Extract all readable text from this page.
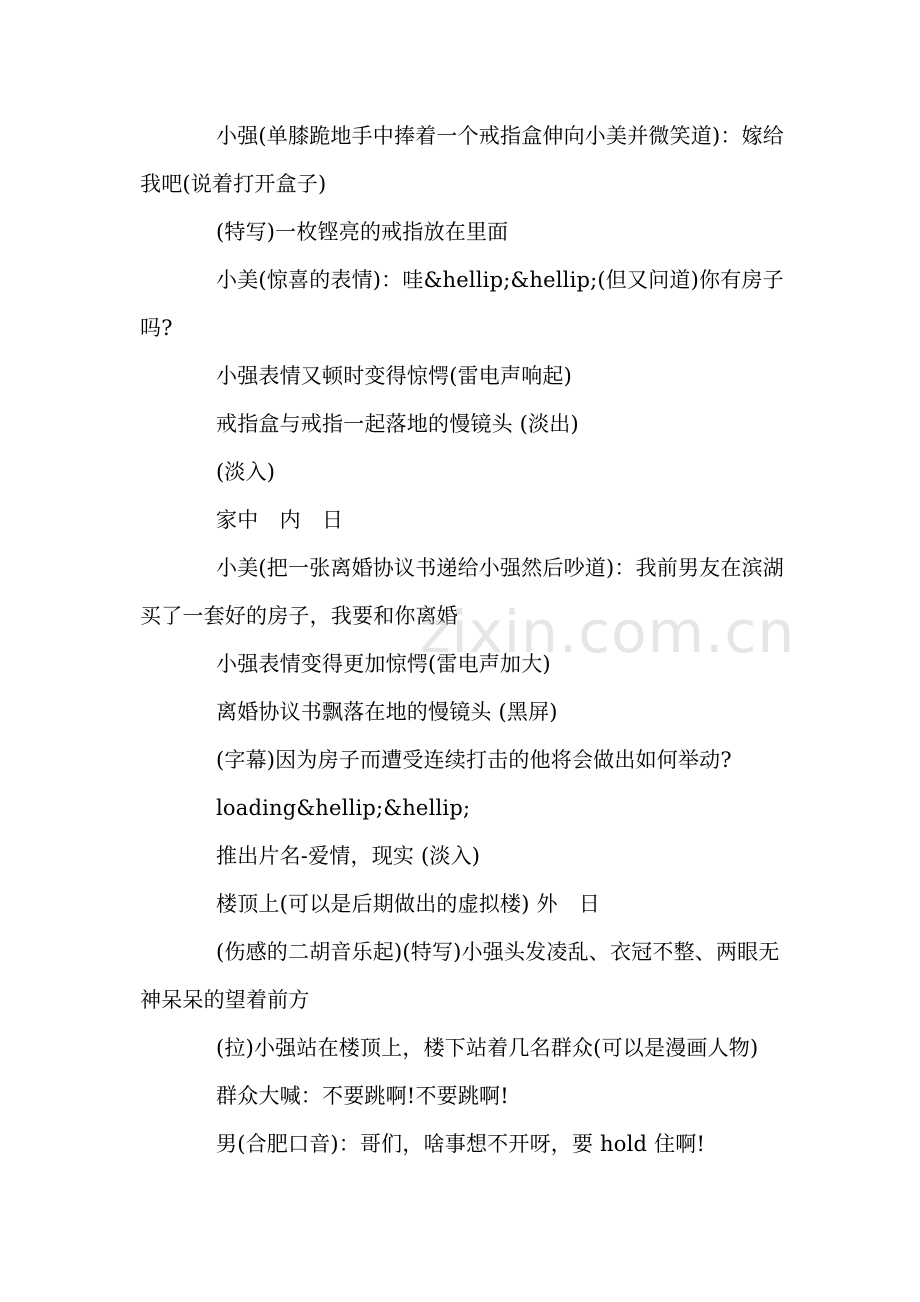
小强(单膝跪地手中捧着一个戒指盒伸向小美并微笑道)：嫁给我吧(说着打开盒子)

(特写)一枚铿亮的戒指放在里面

小美(惊喜的表情)：哇&hellip;&hellip;(但又问道)你有房子吗?

小强表情又顿时变得惊愕(雷电声响起)

戒指盒与戒指一起落地的慢镜头 (淡出)

(淡入)

家中　内　日

小美(把一张离婚协议书递给小强然后吵道)：我前男友在滨湖买了一套好的房子，我要和你离婚

小强表情变得更加惊愕(雷电声加大)

离婚协议书飘落在地的慢镜头 (黑屏)

(字幕)因为房子而遭受连续打击的他将会做出如何举动?

loading&hellip;&hellip;

推出片名-爱情，现实 (淡入)

楼顶上(可以是后期做出的虚拟楼) 外　日

(伤感的二胡音乐起)(特写)小强头发凌乱、衣冠不整、两眼无神呆呆的望着前方

(拉)小强站在楼顶上，楼下站着几名群众(可以是漫画人物)

群众大喊：不要跳啊!不要跳啊!

男(合肥口音)：哥们，啥事想不开呀，要 hold 住啊!

zixin.com.cn
